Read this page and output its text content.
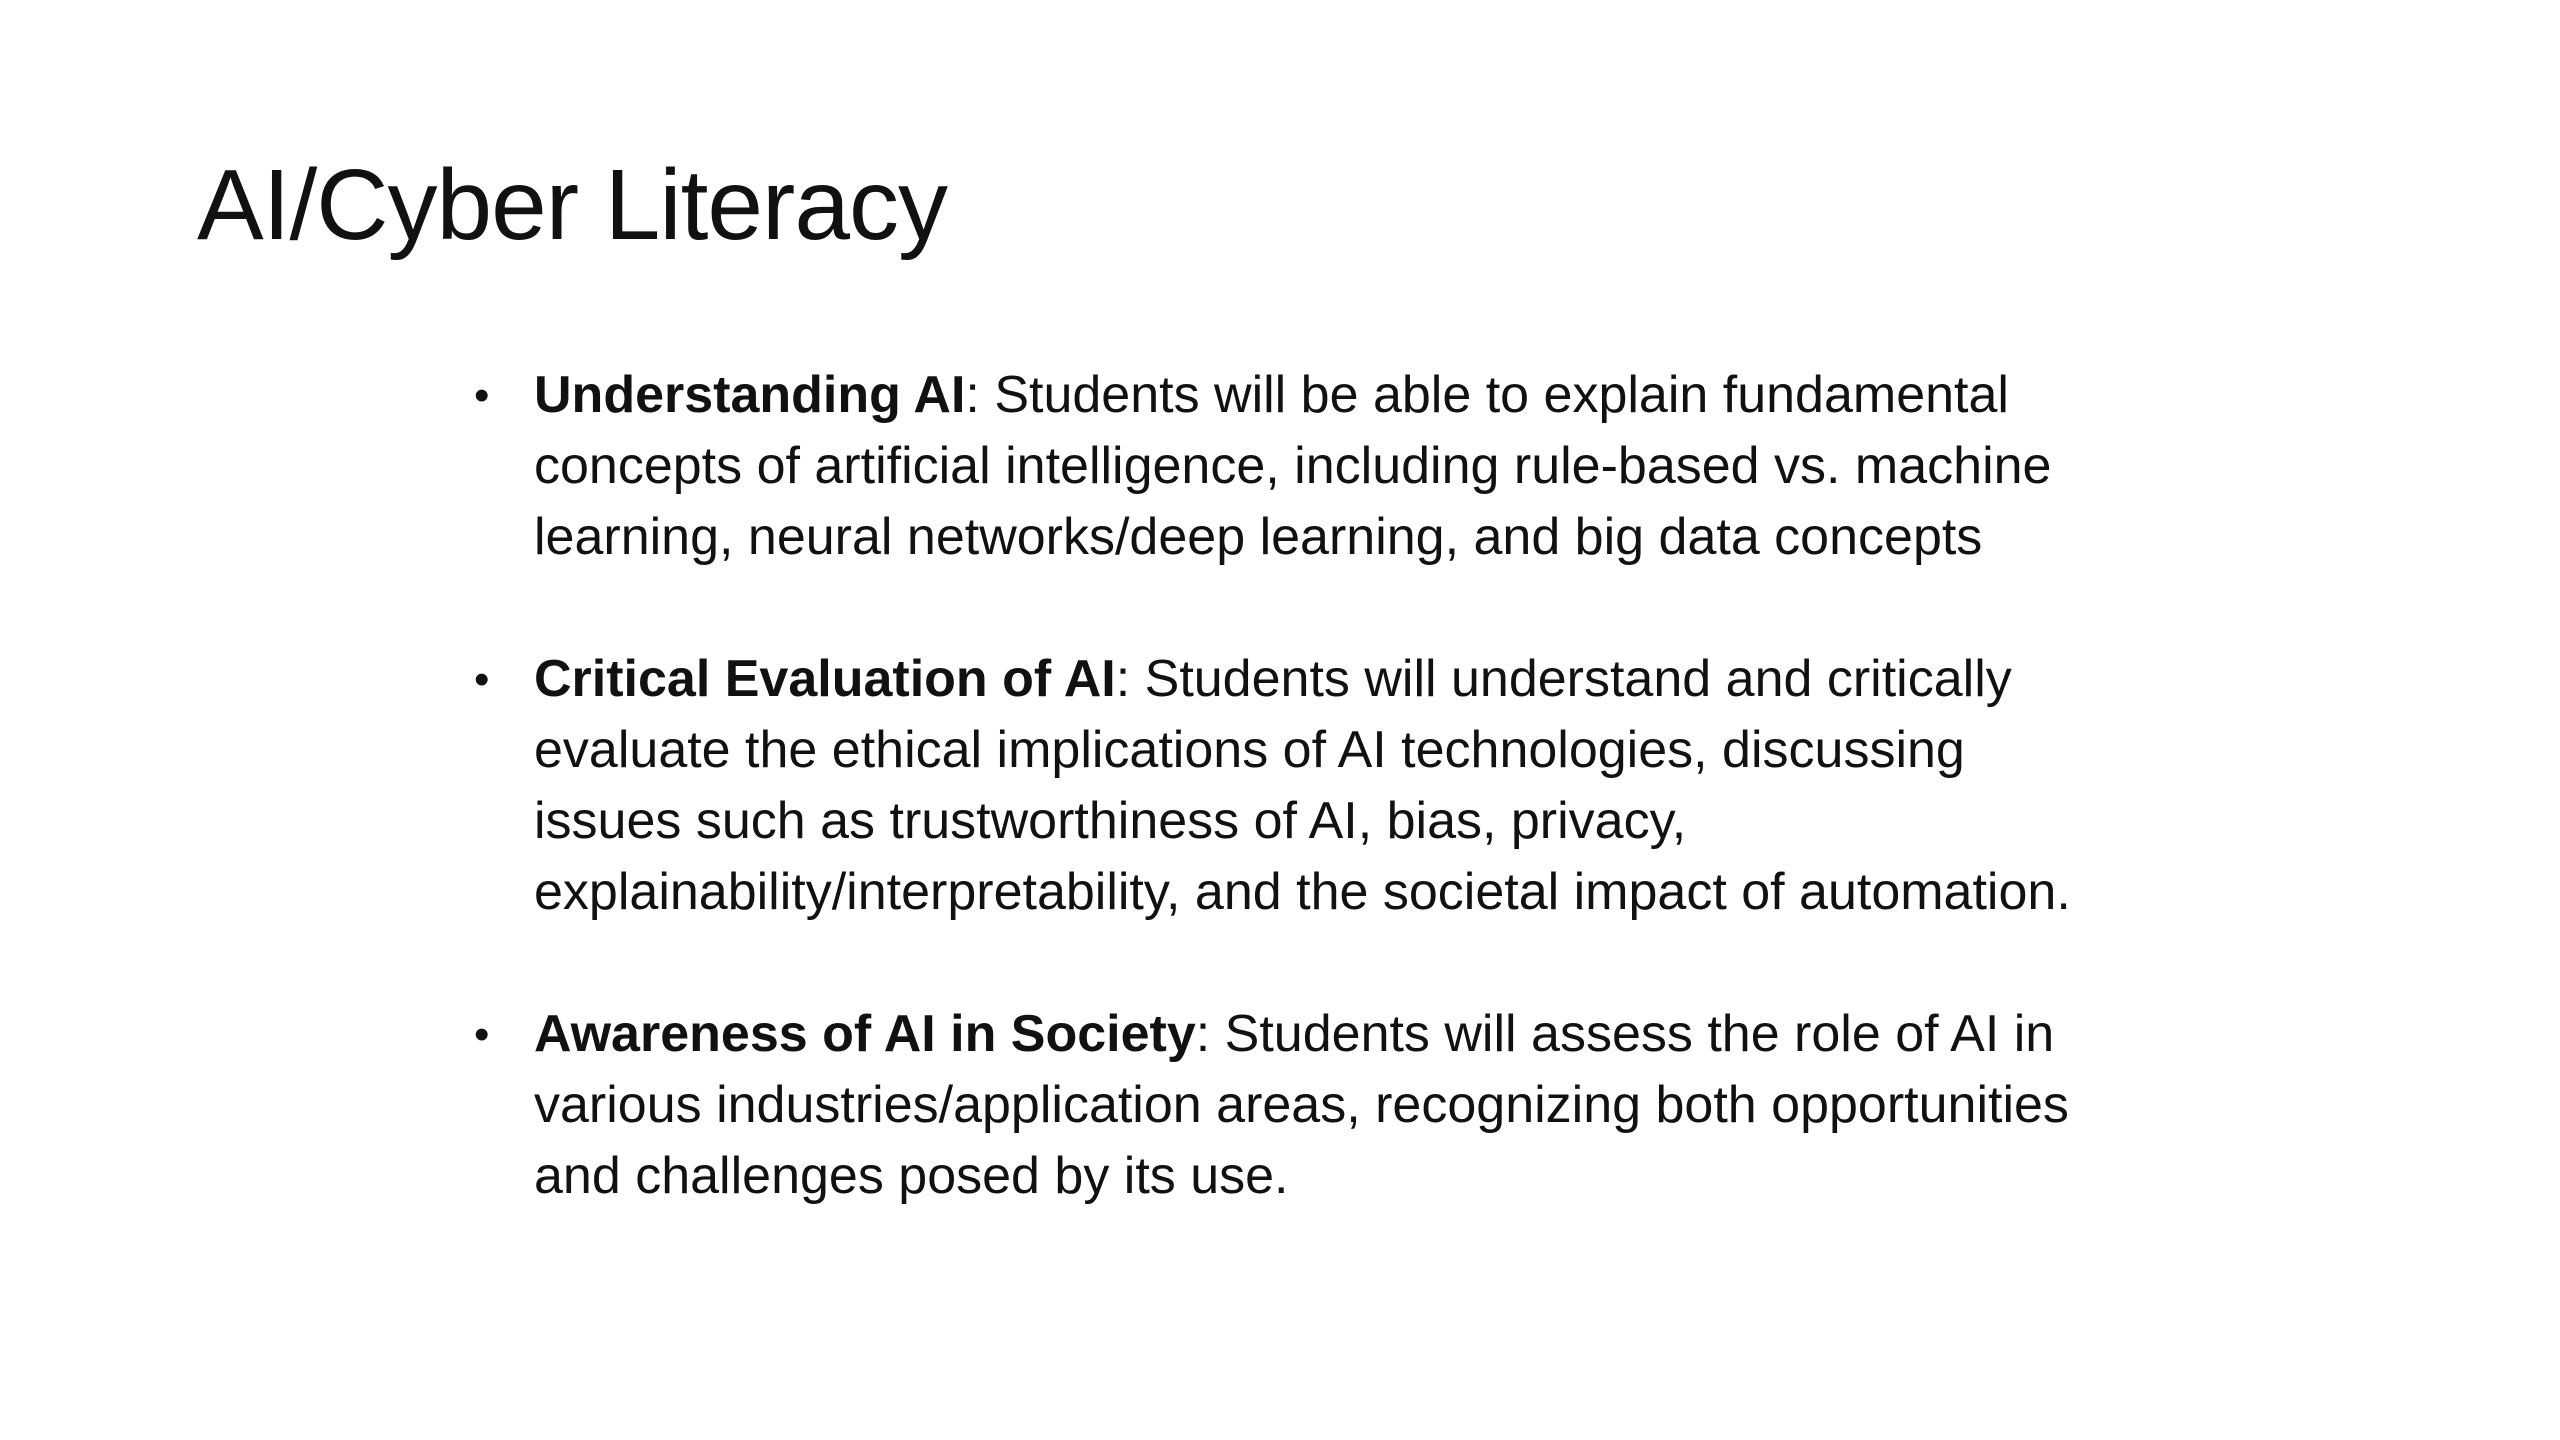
AI/Cyber Literacy
• Understanding AI: Students will be able to explain fundamental concepts of artificial intelligence, including rule-based vs. machine learning, neural networks/deep learning, and big data concepts
• Critical Evaluation of AI: Students will understand and critically evaluate the ethical implications of AI technologies, discussing issues such as trustworthiness of AI, bias, privacy, explainability/interpretability, and the societal impact of automation.
• Awareness of AI in Society: Students will assess the role of AI in various industries/application areas, recognizing both opportunities and challenges posed by its use.
